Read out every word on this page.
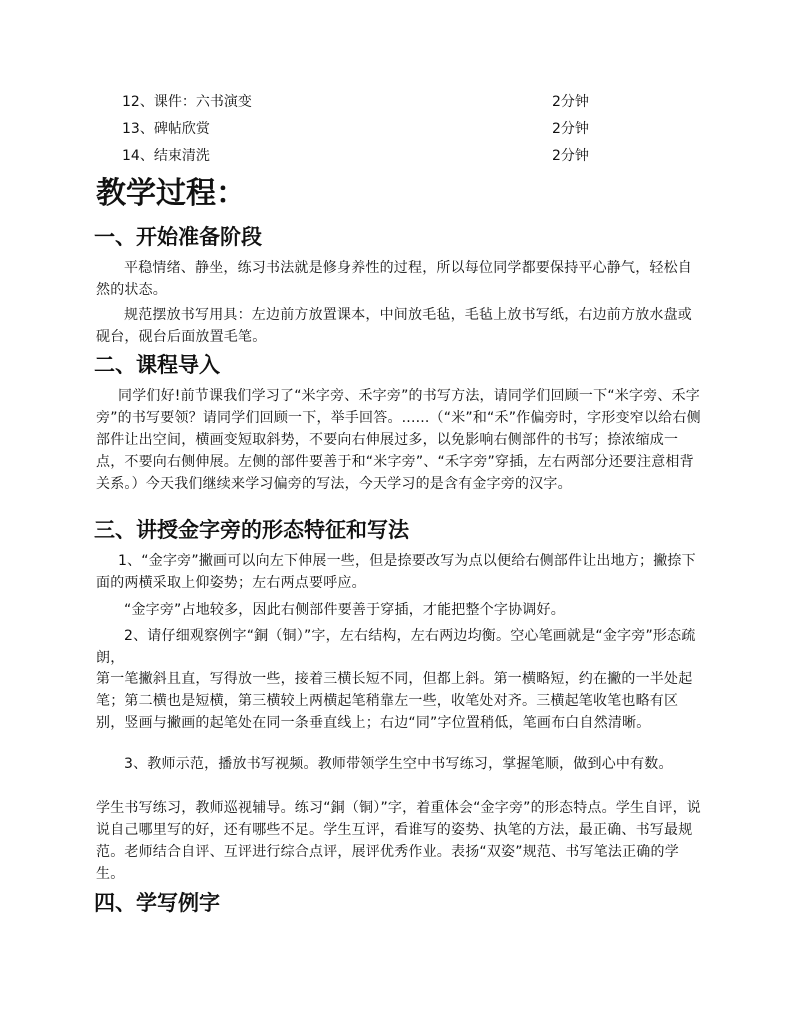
12、课件：六书演变	2分钟
13、碑帖欣赏	2分钟
14、结束清洗	2分钟
教学过程：
一、开始准备阶段

平稳情绪、静坐，练习书法就是修身养性的过程，所以每位同学都要保持平心静气，轻松自然的状态。

规范摆放书写用具：左边前方放置课本，中间放毛毡，毛毡上放书写纸，右边前方放水盘或砚台，砚台后面放置毛笔。

二、课程导入

同学们好!前节课我们学习了“米字旁、禾字旁”的书写方法，请同学们回顾一下“米字旁、禾字旁”的书写要领？请同学们回顾一下，举手回答。......（“米”和“禾”作偏旁时，字形变窄以给右侧部件让出空间，横画变短取斜势，不要向右伸展过多，以免影响右侧部件的书写；捺浓缩成一点，不要向右侧伸展。左侧的部件要善于和“米字旁”、“禾字旁”穿插，左右两部分还要注意相背关系。）今天我们继续来学习偏旁的写法，今天学习的是含有金字旁的汉字。

三、讲授金字旁的形态特征和写法

1、“金字旁”撇画可以向左下伸展一些，但是捺要改写为点以便给右侧部件让出地方；撇捺下面的两横采取上仰姿势；左右两点要呼应。

“金字旁”占地较多，因此右侧部件要善于穿插，才能把整个字协调好。

2、请仔细观察例字“銅（铜）”字，左右结构，左右两边均衡。空心笔画就是“金字旁”形态疏朗，

第一笔撇斜且直，写得放一些，接着三横长短不同，但都上斜。第一横略短，约在撇的一半处起笔；第二横也是短横，第三横较上两横起笔稍靠左一些，收笔处对齐。三横起笔收笔也略有区别，竖画与撇画的起笔处在同一条垂直线上；右边“同”字位置稍低，笔画布白自然清晰。

3、教师示范，播放书写视频。教师带领学生空中书写练习，掌握笔顺，做到心中有数。

学生书写练习，教师巡视辅导。练习“銅（铜）”字，着重体会“金字旁”的形态特点。学生自评，说说自己哪里写的好，还有哪些不足。学生互评，看谁写的姿势、执笔的方法，最正确、书写最规范。老师结合自评、互评进行综合点评，展评优秀作业。表扬“双姿”规范、书写笔法正确的学生。

四、学写例字
